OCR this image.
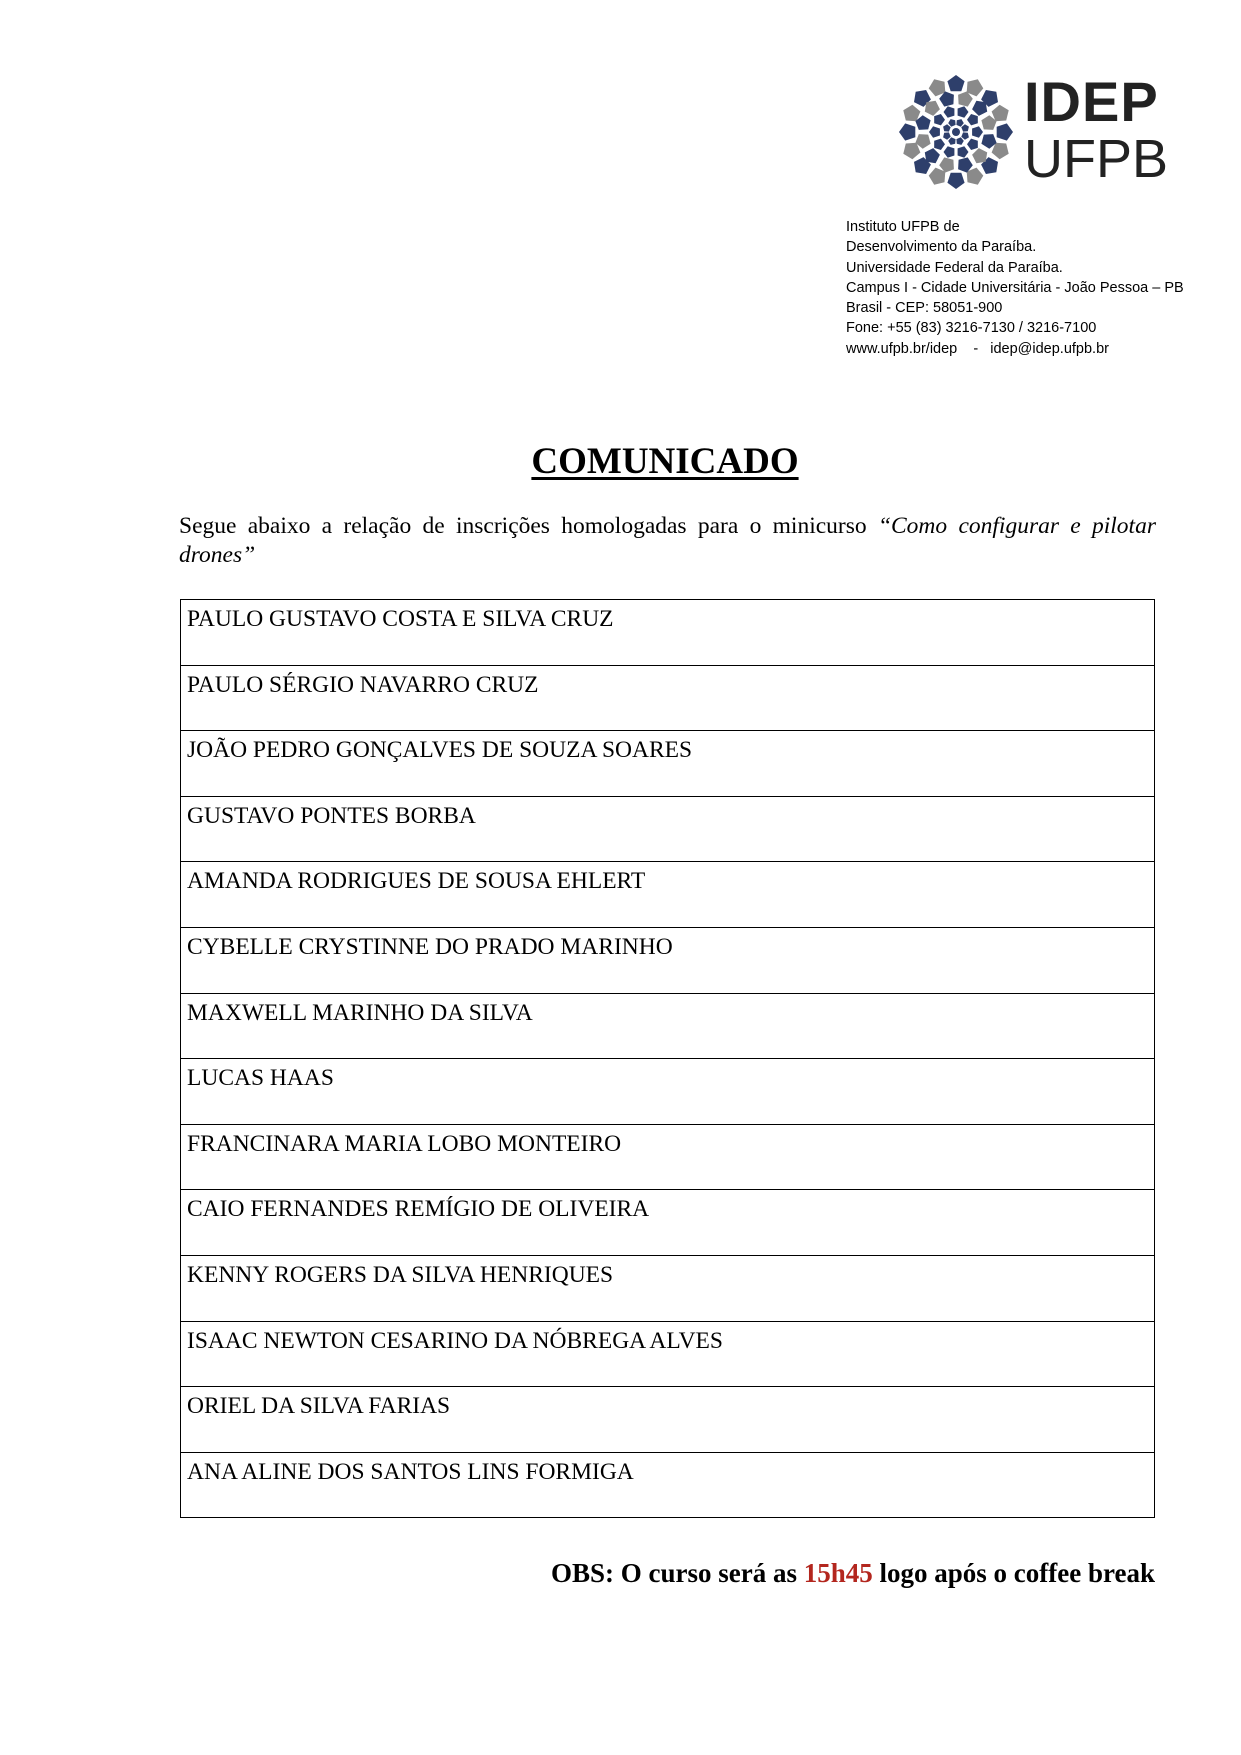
IDEP
UFPB
Instituto UFPB de
Desenvolvimento da Paraíba.
Universidade Federal da Paraíba.
Campus I - Cidade Universitária - João Pessoa – PB
Brasil - CEP: 58051-900
Fone: +55 (83) 3216-7130 / 3216-7100
www.ufpb.br/idep    -   idep@idep.ufpb.br
COMUNICADO
Segue abaixo a relação de inscrições homologadas para o minicurso “Como configurar e pilotar drones”
PAULO GUSTAVO COSTA E SILVA CRUZ
PAULO SÉRGIO NAVARRO CRUZ
JOÃO PEDRO GONÇALVES DE SOUZA SOARES
GUSTAVO PONTES BORBA
AMANDA RODRIGUES DE SOUSA EHLERT
CYBELLE CRYSTINNE DO PRADO MARINHO
MAXWELL MARINHO DA SILVA
LUCAS HAAS
FRANCINARA MARIA LOBO MONTEIRO
CAIO FERNANDES REMÍGIO DE OLIVEIRA
KENNY ROGERS DA SILVA HENRIQUES
ISAAC NEWTON CESARINO DA NÓBREGA ALVES
ORIEL DA SILVA FARIAS
ANA ALINE DOS SANTOS LINS FORMIGA
OBS: O curso será as 15h45 logo após o coffee break
